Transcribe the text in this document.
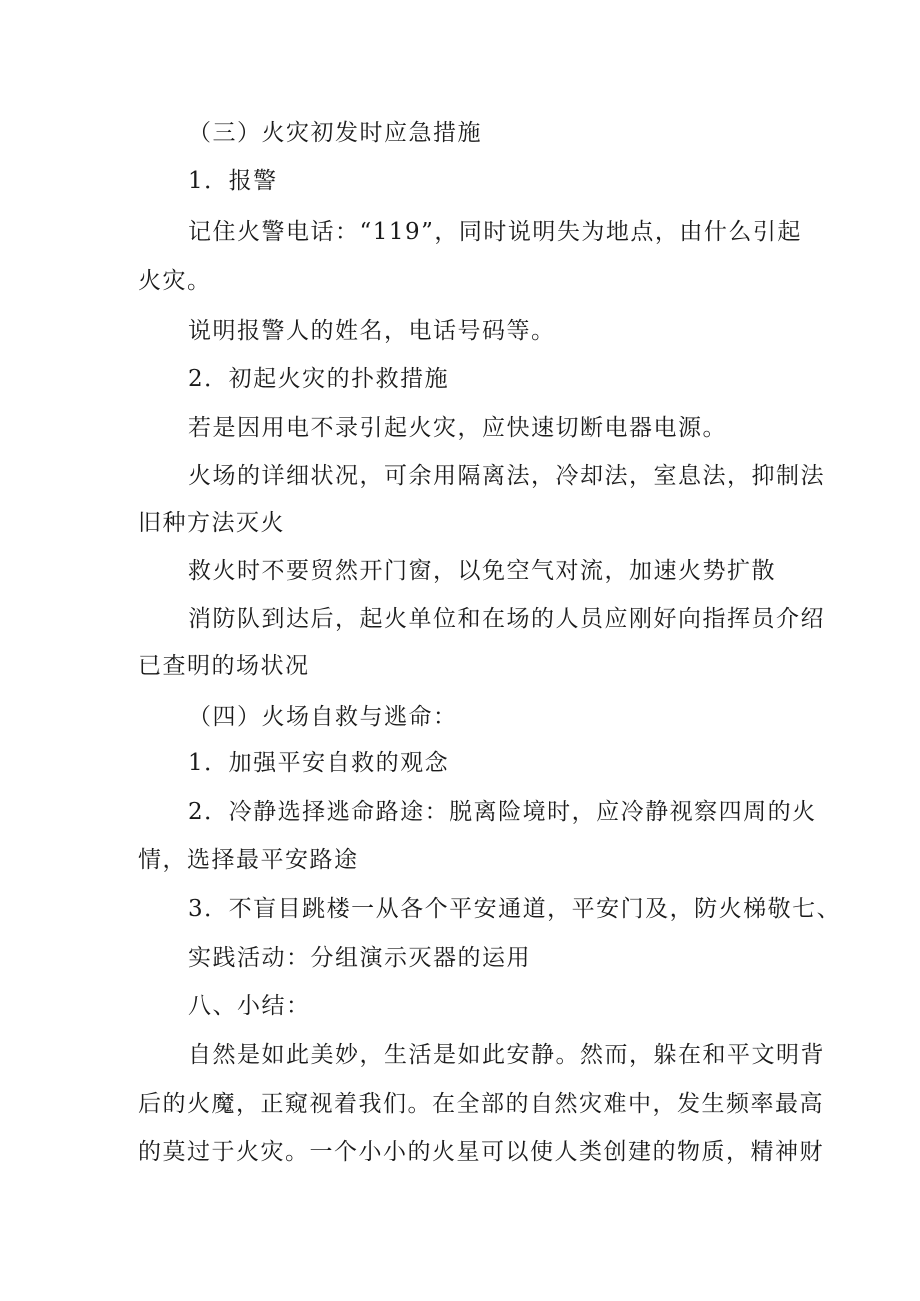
（三）火灾初发时应急措施
1．报警
记住火警电话：“119”，同时说明失为地点，由什么引起
火灾。
说明报警人的姓名，电话号码等。
2．初起火灾的扑救措施
若是因用电不录引起火灾，应快速切断电器电源。
火场的详细状况，可余用隔离法，冷却法，室息法，抑制法
旧种方法灭火
救火时不要贸然开门窗，以免空气对流，加速火势扩散
消防队到达后，起火单位和在场的人员应刚好向指挥员介绍
已查明的场状况
（四）火场自救与逃命：
1．加强平安自救的观念
2．冷静选择逃命路途：脱离险境时，应冷静视察四周的火
情，选择最平安路途
3．不盲目跳楼一从各个平安通道，平安门及，防火梯敬七、
实践活动：分组演示灭器的运用
八、小结：
自然是如此美妙，生活是如此安静。然而，躲在和平文明背
后的火魔，正窥视着我们。在全部的自然灾难中，发生频率最高
的莫过于火灾。一个小小的火星可以使人类创建的物质，精神财
